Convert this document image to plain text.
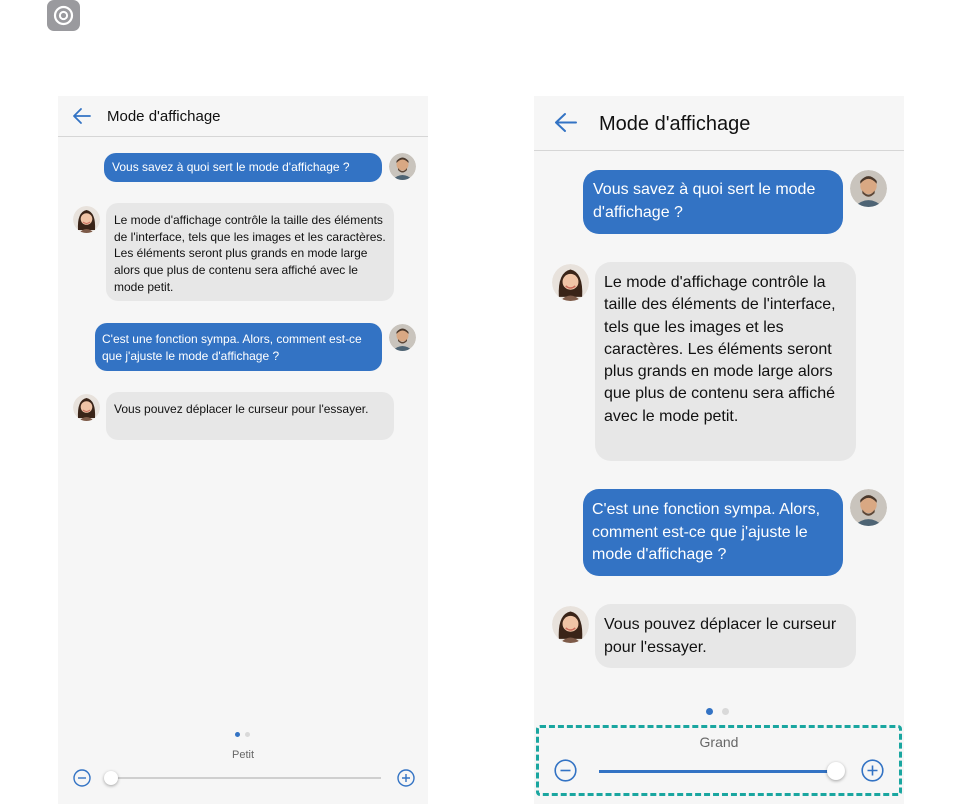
Mode d'affichage
Vous savez à quoi sert le mode d'affichage ?
Le mode d'affichage contrôle la taille des éléments de l'interface, tels que les images et les caractères. Les éléments seront plus grands en mode large alors que plus de contenu sera affiché avec le mode petit.
C'est une fonction sympa. Alors, comment est-ce que j'ajuste le mode d'affichage ?
Vous pouvez déplacer le curseur pour l'essayer.
Petit
Mode d'affichage
Vous savez à quoi sert le mode d'affichage ?
Le mode d'affichage contrôle la taille des éléments de l'interface, tels que les images et les caractères. Les éléments seront plus grands en mode large alors que plus de contenu sera affiché avec le mode petit.
C'est une fonction sympa. Alors, comment est-ce que j'ajuste le mode d'affichage ?
Vous pouvez déplacer le curseur pour l'essayer.
Grand
